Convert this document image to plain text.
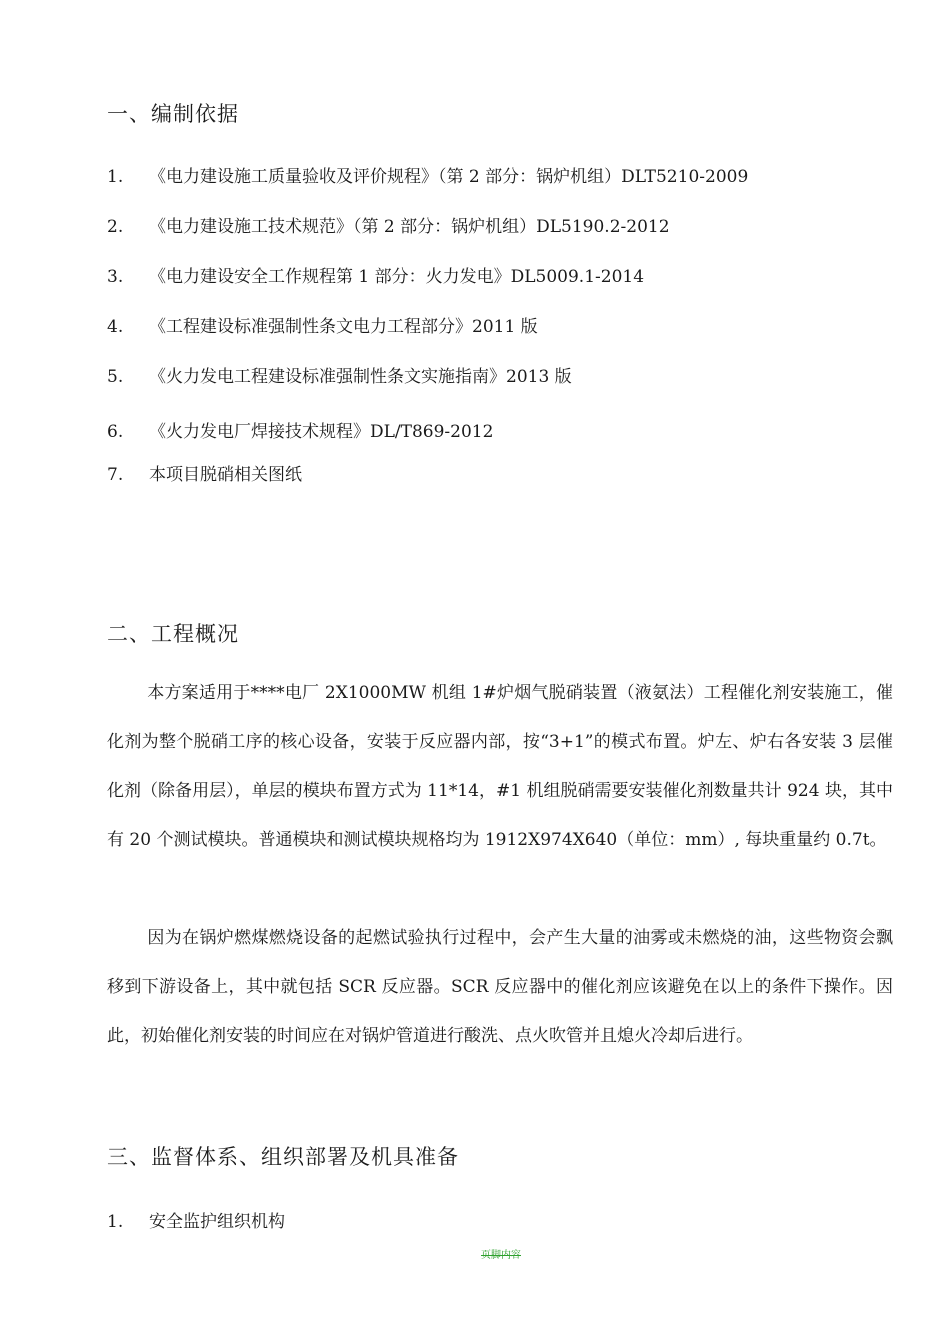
一、编制依据
1. 《电力建设施工质量验收及评价规程》（第 2 部分：锅炉机组）DLT5210-2009
2. 《电力建设施工技术规范》（第 2 部分：锅炉机组）DL5190.2-2012
3. 《电力建设安全工作规程第 1 部分：火力发电》DL5009.1-2014
4. 《工程建设标准强制性条文电力工程部分》2011 版
5. 《火力发电工程建设标准强制性条文实施指南》2013 版
6. 《火力发电厂焊接技术规程》DL/T869-2012
7. 本项目脱硝相关图纸
二、工程概况
本方案适用于****电厂 2X1000MW 机组 1#炉烟气脱硝装置（液氨法）工程催化剂安装施工，催化剂为整个脱硝工序的核心设备，安装于反应器内部，按“3+1”的模式布置。炉左、炉右各安装 3 层催化剂（除备用层），单层的模块布置方式为 11*14，#1 机组脱硝需要安装催化剂数量共计 924 块，其中有 20 个测试模块。普通模块和测试模块规格均为 1912X974X640（单位：mm）, 每块重量约 0.7t。
因为在锅炉燃煤燃烧设备的起燃试验执行过程中，会产生大量的油雾或未燃烧的油，这些物资会飘移到下游设备上，其中就包括 SCR 反应器。SCR 反应器中的催化剂应该避免在以上的条件下操作。因此，初始催化剂安装的时间应在对锅炉管道进行酸洗、点火吹管并且熄火冷却后进行。
三、监督体系、组织部署及机具准备
1. 安全监护组织机构
页脚内容
